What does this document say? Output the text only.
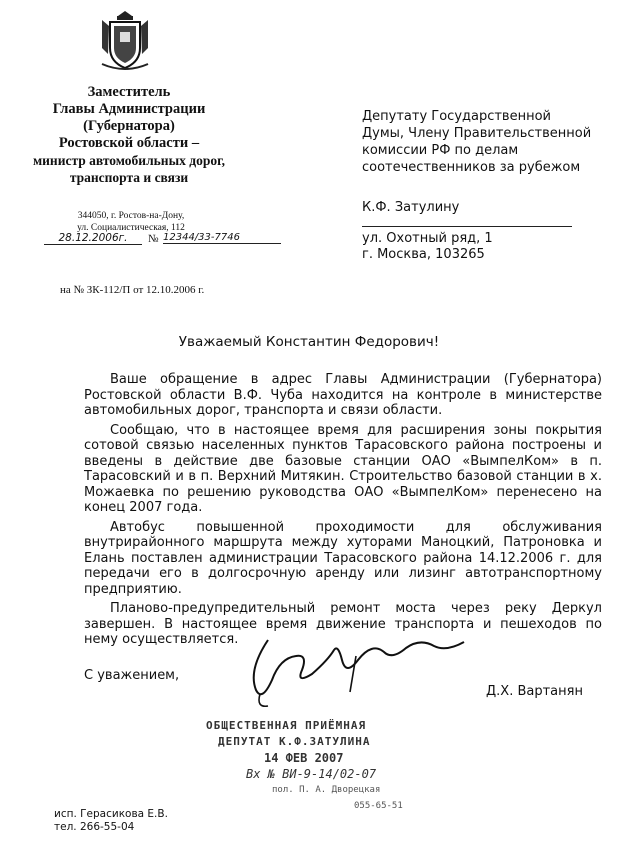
Заместитель
Главы Администрации
(Губернатора)
Ростовской области –
министр автомобильных дорог,
транспорта и связи
344050, г. Ростов-на-Дону,
ул. Социалистическая, 112
28.12.2006г.	№ 12344/33-7746
на № ЗК-112/П от 12.10.2006 г.
Депутату Государственной
Думы, Члену Правительственной
комиссии РФ по делам
соотечественников за рубежом
К.Ф. Затулину
ул. Охотный ряд, 1
г. Москва, 103265
Уважаемый Константин Федорович!

Ваше обращение в адрес Главы Администрации (Губернатора) Ростовской области В.Ф. Чуба находится на контроле в министерстве автомобильных дорог, транспорта и связи области.

Сообщаю, что в настоящее время для расширения зоны покрытия сотовой связью населенных пунктов Тарасовского района построены и введены в действие две базовые станции ОАО «ВымпелКом» в п. Тарасовский и в п. Верхний Митякин. Строительство базовой станции в х. Можаевка по решению руководства ОАО «ВымпелКом» перенесено на конец 2007 года.

Автобус повышенной проходимости для обслуживания внутрирайонного маршрута между хуторами Маноцкий, Патроновка и Елань поставлен администрации Тарасовского района 14.12.2006 г. для передачи его в долгосрочную аренду или лизинг автотранспортному предприятию.

Планово-предупредительный ремонт моста через реку Деркул завершен. В настоящее время движение транспорта и пешеходов по нему осуществляется.

С уважением,
Д.Х. Вартанян
ОБЩЕСТВЕННАЯ ПРИЁМНАЯ
ДЕПУТАТ К.Ф.ЗАТУЛИНА
14 ФЕВ 2007
Вх № ВИ-9-14/02-07
пол. П. А. Дворецкая
055-65-51
исп. Герасикова Е.В.
тел. 266-55-04
